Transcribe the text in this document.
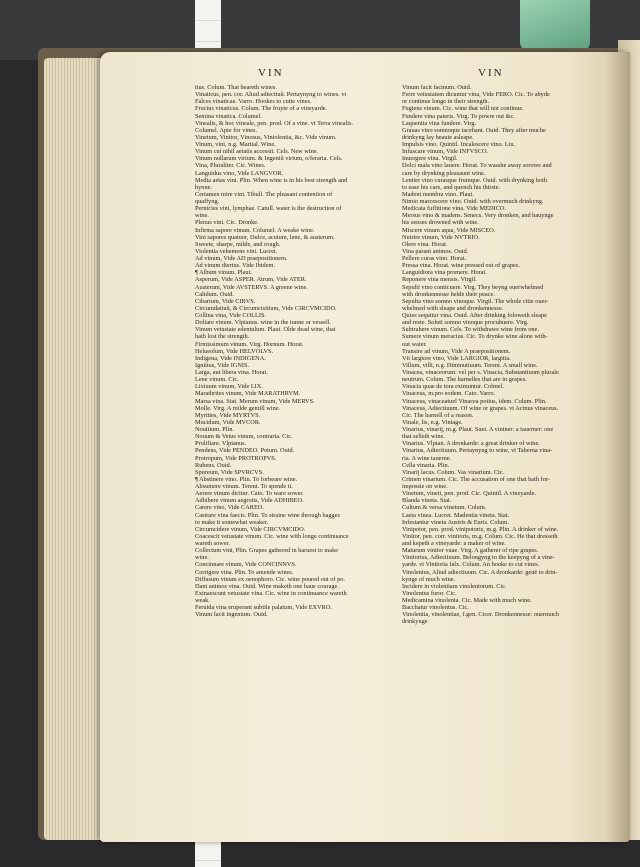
VIN	VIN
tius. Colum. That beareth wines.
Vinaticus, pen. cor. Aliud adiectiuũ. Pertaynyng to wines. vt
Falces vinaticae. Varro. Hookes to cutte vines.
Fructus vinaticus. Colum. The fruyte of a vineyarde.
Semina vinatica. Columel.
Vinealis, & hoc vineale, pen. prod. Of a vine. vt Terra vinealis.
Columel. Apte for vines.
Vinetum, Vinitor, Vinosus, Viniolentia, &c. Vide vinum.
Vinum, vini, n.g. Martial. Wine.
Vinum cui nihil aetatis accessit. Cels. New wine.
Vinum nullarum virium. & Ingeniũ virium, o/feraria. Cels.
Vina, Pluraliter. Cic. Wines.
Languidus vino, Vide LANGVOR.
Media aetas vini. Plin. When wine is in his best strength and
hynne.
Certamen mire vini. Tibull. The pleasant contention of
quaffyng.
Pernicies vini, lymphae. Catull. water is the destruction of
wine.
Plenus vini. Cic. Dronke.
Infirma sapore vinum. Columel. A weake wine.
Vini sapores quatuor, Dulce, acutum, lene, & austerum.
Sweete, sharpe, milde, and rough.
Violentia vehemens vini. Lucret.
Ad vinum, Vide AD praepositionem.
Ad vinum diertus. Vide Ibidem.
¶ Album vinum. Plaut.
Asperum, Vide ASPER. Atrum, Vide ATER.
Austerum, Vide AVSTERVS. A greene wine.
Calidum. Ouid.
Cibarium, Vide CIBVS.
Circumdatiuũ, & Circumcisitium, Vide CIRCVMCIDO.
Collina vina, Vide COLLIS.
Doliare vinum. Vlpianus. wine in the tunne or vessell.
Vinum vetustate edentulum. Plaut. Olde dead wine, that
hath lost the strength.
Firmissimum vinum. Virg. Hornum. Horat.
Helueolum, Vide HELVOLVS.
Indigena, Vide INDIGENA.
Igniitus, Vide IGNIS.
Larga, aut libera vina. Horat.
Lene vinum. Cic.
Lixiuum vinum, Vide LIX.
Marathrites vinum, Vide MARATHRVM.
Marsa vina. Stat. Merum vinum, Vide MERVS.
Molle. Virg. A milde gentill wine.
Myrtites, Vide MYRTVS.
Mucidum, Vide MVCOR.
Nouitium. Plin.
Nouum & Vetus vinum, contraria. Cic.
Prolifiare. Vlpianus.
Pendens, Vide PENDEO. Potum. Ouid.
Protropum, Vide PROTROPVS.
Rubens. Ouid.
Spureum, Vide SPVRCVS.
¶ Abstinere vino. Plin. To forbeare wine.
Absumere vinum. Terent. To spende it.
Aerere vinum dicitur. Cato. To ware sower.
Adhibere vinum aegrotis, Vide ADHIBEO.
Carere vino, Vide CAREO.
Castrare vina faecis. Plin. To straine wine through bagges
to make it somewhat weaker.
Circumcidere vinum, Vide CIRCVMCIDO.
Coacescit vetustate vinum. Cic. wine with longe continuance
wareth sower.
Collectum vini, Plin. Grapes gathered in haruest to make
wine.
Concinnare vinum, Vide CONCINNVS.
Corrigere vina. Plin. To amende wines.
Diffusum vinum ex oenophoro. Cic. wine poured out of po.
Dant animos vina. Ouid. Wine maketh one haue courage.
Exinaescunt vetustate vina. Cic. wine in continuance wareth
weak.
Feruida vina eruperant subtile palatum, Vide EXVRO.
Vinum facit ingenium. Ouid.
Vinum facit facinum. Ouid.
Ferre vetustatem dicuntur vina, Vide FERO. Cic. To abyde
or continue longe in their strength.
Fugiens vinum. Cic. wine that will not continue.
Fundere vina pateris. Virg. To powre out &c.
Laquentia vina fundere. Virg.
Grauas vino somnoque iacebant. Ouid. They after muche
drinkyng lay heauie asleape.
Impulsis vino. Quintil. Incalescere vino. Liu.
Infuscare vinum, Vide INFVSCO.
Inuergere vina. Virgil.
Dolci mala vino lauere. Horat. To wasshe away sorowe and
care by drynking pleasaunt wine.
Leniter vino curasque frumque. Ouid. with drynking both
to ease his care, and quench his thirste.
Madent membra vino. Plaut.
Nimio marcescere vino. Ouid. with overmuch drinkyng.
Medicata fuffitione vina. Vide MEDICO.
Mersus vino & madens. Senecs. Very dronken, and hauynge
his senses drowned with wine.
Miscere vinum aqua, Vide MISCEO.
Nutrire vinum, Vide NVTRIO.
Olere vina. Horat.
Vina parant animos. Ouid.
Pellere curas vino. Horat.
Pressa vina. Horat. wine pressed out of grapes.
Languidiora vina promere. Horat.
Reponere vina mensis. Virgil.
Sepulti vino conticuere. Virg. They beyng ouerwhelmed
with dronkennesse helde their peace.
Sepulta vino somno vinoque. Virgil. The whole citie ouer-
whelmed with sleape and dronkennesse.
Quies sequitur vina. Ouid. After drinking foloweth sleape
and reste. Soluti somno vinoque procubuere. Virg.
Subtrahere vinum. Cels. To withdrawe wine from one.
Sumere vinum meracius. Cic. To drynke wine alone with-
out water.
Transire ad vinum, Vide A praepositionem.
Vti largiore vino, Vide LARGIOR, largitia.
Villum, villi, n.g. Diminutiuum. Terent. A small wine.
Vinacea, vinaceorum: vel per s. Vinacia, Substantiuum plurale
neutrum. Colum. The harnelles that are in grapes.
Vinacia quae de tora eximuntur. Colmel.
Vinaceus, m.pro eodem. Cato. Varro.
Vinaceus, vinaceatuel Vinacea potius, idem. Colum. Plin.
Vinaceus, Adiectiuum. Of wine or grapes. vt Acinus vinaceus.
Cic. The harnell of a reason.
Vinale, lis, n.g. Vintage.
Vinarius, vinarij, m.g. Plaut. Suet. A vintner: a tauerner: one
that selleth wine.
Vinarius. Vlpian. A dronkarde: a great drinker of wine.
Vinarius, Adiectiuum. Pertaynyng to wine, vt Taberna vina-
ria. A wine tauerne.
Cella vinaria. Plin.
Vinarij lacus. Colum. Vas vinarium. Cic.
Crimen vinarium. Cic. The accusation of one that hath for-
impossie on wine.
Vinetum, vineti, pen. prod. Cic. Quintil. A vineyarde.
Blanda vineta. Stat.
Cultum & versa vinetum. Colum.
Laeta vinea. Lucret. Madentia vineta. Stat.
Infestantur vineta Austris & Euris. Colum.
Vinipotor, pen. prod. vinipotoris, m.g. Plin. A drinker of wine.
Vinitor, pen. corr. vinitoris, m.g. Colum. Cic. He that dresseth
and kepeth a vineyarde: a maker of wine.
Maturum vinitor vuae. Virg. A gatherer of ripe grapes.
Vinitorius, Adiectiuum. Belongyng to the keepyng of a vine-
yarde. vt Vinitoria falx. Colum. An hooke to cut vines.
Vinolentus, Aliud adiectiuum. Cic. A dronkarde: geuē to drin-
kynge of much wine.
Incidere in violentiam vinolentorum. Cic.
Vinolentus furor. Cic.
Medicamina vinolenta. Cic. Made with much wine.
Bacchatur vinolentus. Cic.
Vinolentia, vinolentiae, f.gen. Cicer. Dronkennesse: ouermuch
drinkynge
